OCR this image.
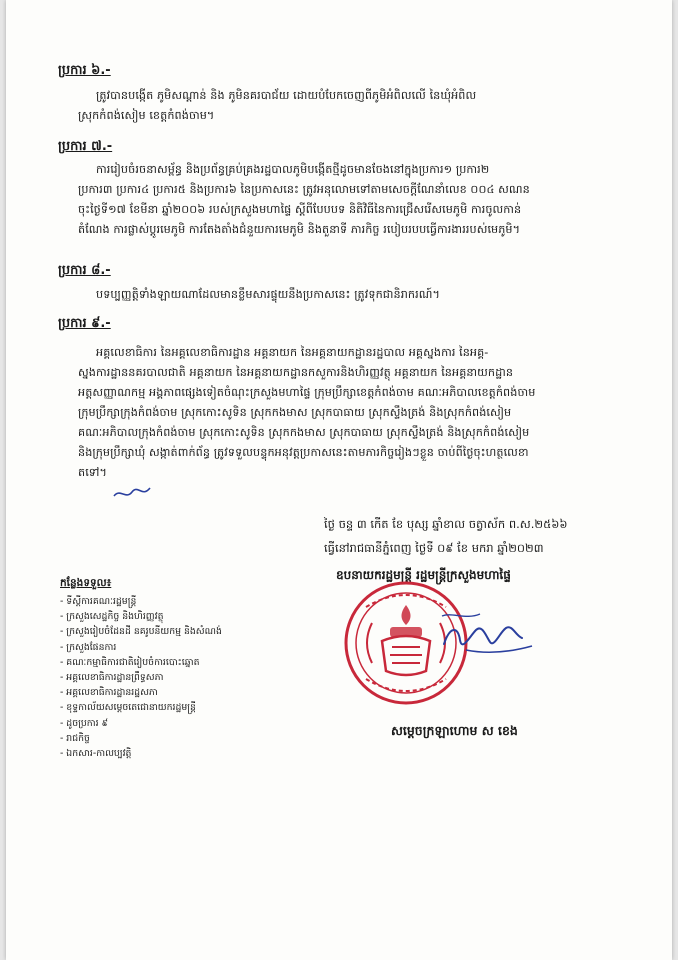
ប្រការ ៦.-
ត្រូវបានបង្កើត ភូមិសណ្តាន់ និង ភូមិនគរបាជ័យ ដោយបំបែកចេញពីភូមិអំពិលលើ នៃឃុំអំពិល
ស្រុកកំពង់សៀម ខេត្តកំពង់ចាម។
ប្រការ ៧.-
ការរៀបចំរចនាសម្ព័ន្ធ និងប្រព័ន្ធគ្រប់គ្រងរដ្ឋបាលភូមិបង្កើតថ្មីដូចមានចែងនៅក្នុងប្រការ១ ប្រការ២
ប្រការ៣ ប្រការ៤ ប្រការ៥ និងប្រការ៦ នៃប្រកាសនេះ ត្រូវអនុលោមទៅតាមសេចក្តីណែនាំលេខ ០០៤ សណន
ចុះថ្ងៃទី១៧ ខែមីនា ឆ្នាំ២០០៦ របស់ក្រសួងមហាផ្ទៃ ស្តីពីបែបបទ និតិវិធីនៃការជ្រើសរើសមេភូមិ ការចូលកាន់
តំណែង ការផ្លាស់ប្តូរមេភូមិ ការតែងតាំងជំនួយការមេភូមិ និងតួនាទី ភារកិច្ច របៀបរបបធ្វើការងាររបស់មេភូមិ។
ប្រការ ៨.-
បទប្បញ្ញត្តិទាំងឡាយណាដែលមានខ្លឹមសារផ្ទុយនឹងប្រកាសនេះ ត្រូវទុកជានិរាករណ៍។
ប្រការ ៩.-
អគ្គលេខាធិការ នៃអគ្គលេខាធិការដ្ឋាន អគ្គនាយក នៃអគ្គនាយកដ្ឋានរដ្ឋបាល អគ្គស្នងការ នៃអគ្គ-
ស្នងការដ្ឋាននគរបាលជាតិ អគ្គនាយក នៃអគ្គនាយកដ្ឋានកសួការនិងហិរញ្ញវត្ថុ អគ្គនាយក នៃអគ្គនាយកដ្ឋាន
អត្តសញ្ញាណកម្ម អង្គភាពផ្សេងទៀតចំណុះក្រសួងមហាផ្ទៃ ក្រុមប្រឹក្សាខេត្តកំពង់ចាម គណៈអភិបាលខេត្តកំពង់ចាម
ក្រុមប្រឹក្សាក្រុងកំពង់ចាម ស្រុកកោះសូទិន ស្រុកកងមាស ស្រុកបាធាយ ស្រុកស្ទឹងត្រង់ និងស្រុកកំពង់សៀម
គណៈអភិបាលក្រុងកំពង់ចាម ស្រុកកោះសូទិន ស្រុកកងមាស ស្រុកបាធាយ ស្រុកស្ទឹងត្រង់ និងស្រុកកំពង់សៀម
និងក្រុមប្រឹក្សាឃុំ សង្កាត់ពាក់ព័ន្ធ ត្រូវទទួលបន្ទុកអនុវត្តប្រកាសនេះតាមភារកិច្ចរៀងៗខ្លួន ចាប់ពីថ្ងៃចុះហត្ថលេខា
តទៅ។
ថ្ងៃ ចន្ទ ៣ កើត ខែ បុស្ស ឆ្នាំខាល ចត្វាស័ក ព.ស.២៥៦៦
ធ្វើនៅរាជធានីភ្នំពេញ ថ្ងៃទី ០៩ ខែ មករា ឆ្នាំ២០២៣
ឧបនាយករដ្ឋមន្ត្រី រដ្ឋមន្ត្រីក្រសួងមហាផ្ទៃ
សម្តេចក្រឡាហោម ស ខេង
កន្លែងទទួល៖
- ទីស្តីការគណៈរដ្ឋមន្ត្រី
- ក្រសួងសេដ្ឋកិច្ច និងហិរញ្ញវត្ថុ
- ក្រសួងរៀបចំដែនដី នគរូបនីយកម្ម និងសំណង់
- ក្រសួងផែនការ
- គណៈកម្មាធិការជាតិរៀបចំការបោះឆ្នោត
- អគ្គលេខាធិការដ្ឋានព្រឹទ្ធសភា
- អគ្គលេខាធិការដ្ឋានរដ្ឋសភា
- ខុទ្ទកាល័យសម្តេចតេជោនាយករដ្ឋមន្ត្រី
- ដូចប្រការ ៩
- រាជកិច្ច
- ឯកសារ-កាលប្បវត្តិ
